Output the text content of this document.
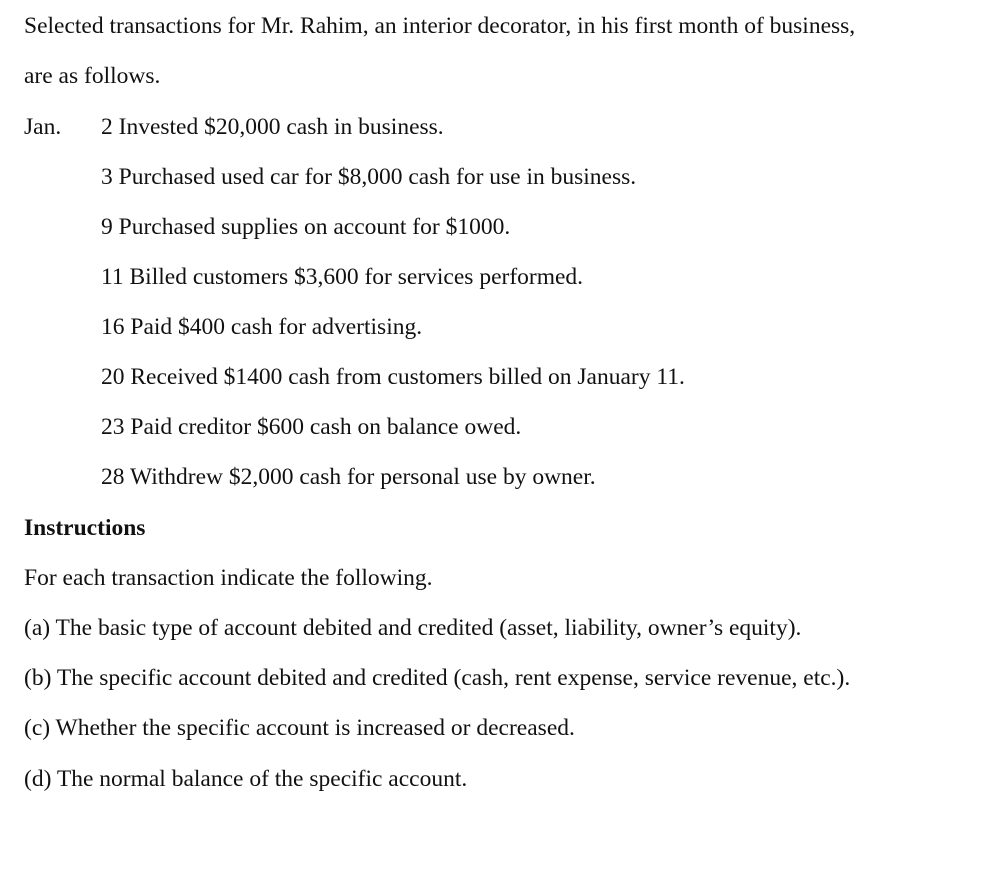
Selected transactions for Mr. Rahim, an interior decorator, in his first month of business,
are as follows.
Jan. 2 Invested $20,000 cash in business.
3 Purchased used car for $8,000 cash for use in business.
9 Purchased supplies on account for $1000.
11 Billed customers $3,600 for services performed.
16 Paid $400 cash for advertising.
20 Received $1400 cash from customers billed on January 11.
23 Paid creditor $600 cash on balance owed.
28 Withdrew $2,000 cash for personal use by owner.
Instructions
For each transaction indicate the following.
(a) The basic type of account debited and credited (asset, liability, owner’s equity).
(b) The specific account debited and credited (cash, rent expense, service revenue, etc.).
(c) Whether the specific account is increased or decreased.
(d) The normal balance of the specific account.
